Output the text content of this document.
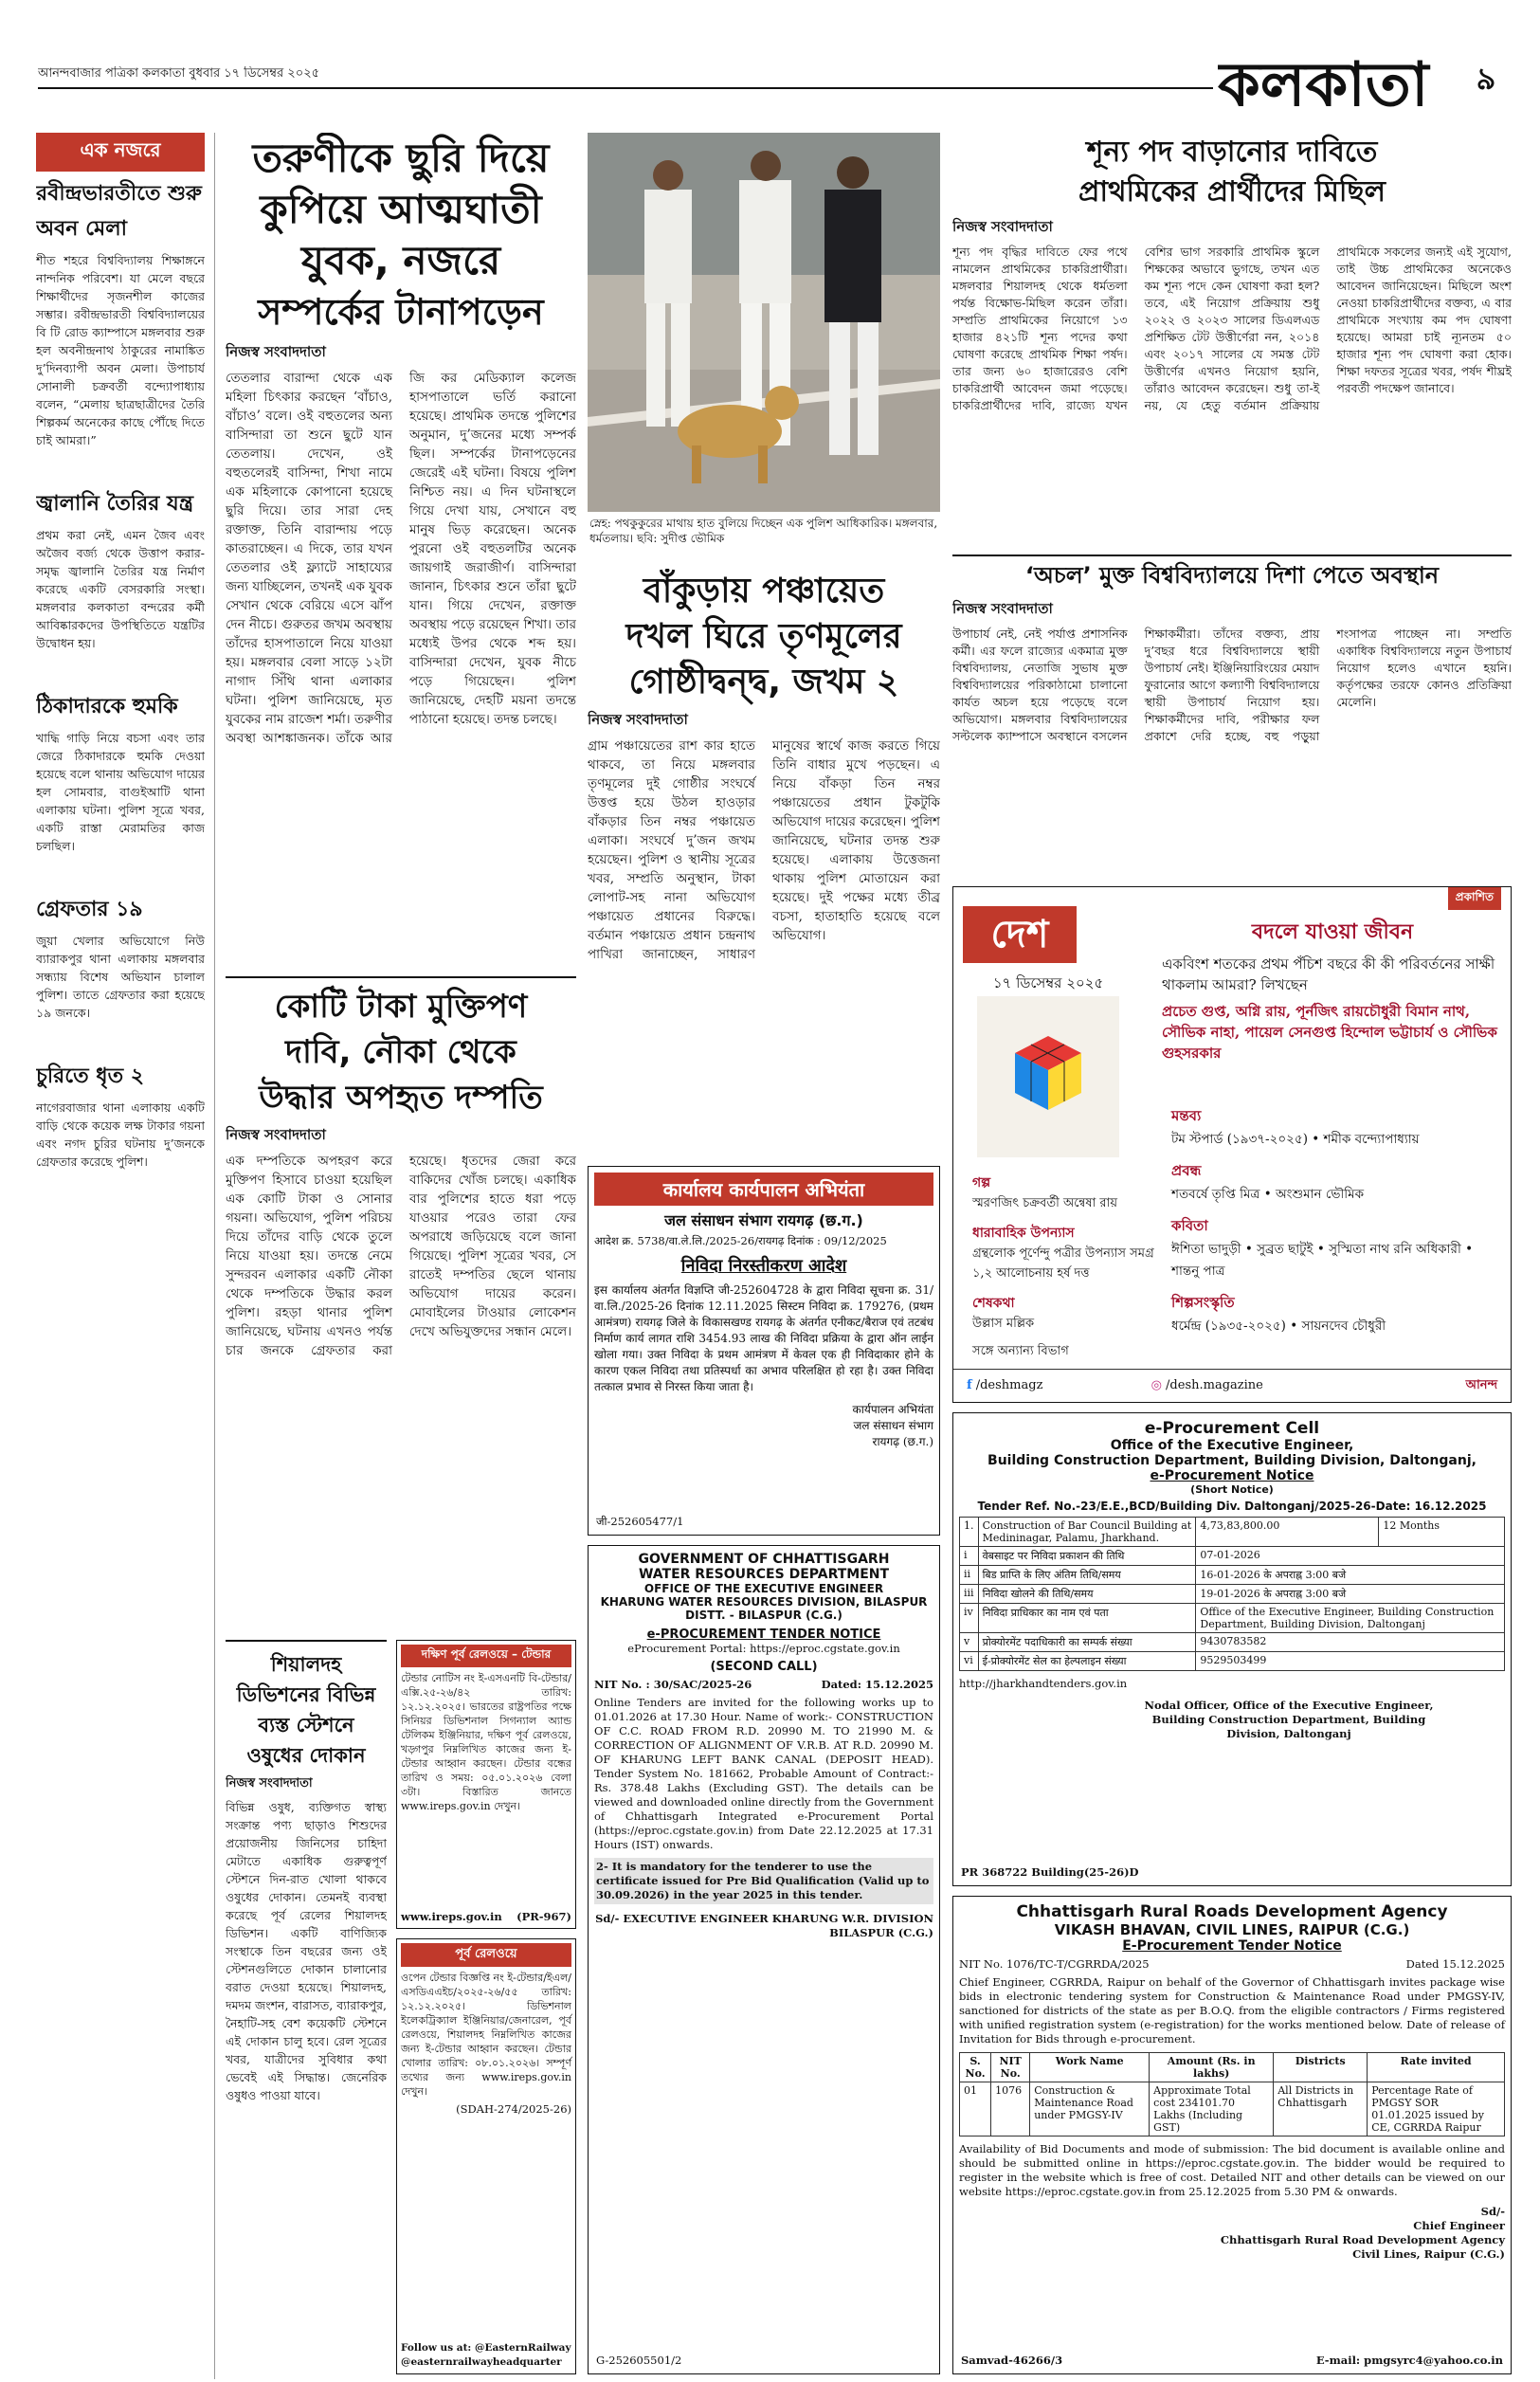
আনন্দবাজার পত্রিকা কলকাতা বুধবার ১৭ ডিসেম্বর ২০২৫	কলকাতা	৯
এক নজরে
রবীন্দ্রভারতীতে শুরু অবন মেলা
শীত শহরে বিশ্ববিদ্যালয় শিক্ষাঙ্গনে নান্দনিক পরিবেশ। যা মেলে বছরে শিক্ষার্থীদের সৃজনশীল কাজের সম্ভার। রবীন্দ্রভারতী বিশ্ববিদ্যালয়ের বি টি রোড ক্যাম্পাসে মঙ্গলবার শুরু হল অবনীন্দ্রনাথ ঠাকুরের নামাঙ্কিত দু’দিনব্যাপী অবন মেলা। উপাচার্য সোনালী চক্রবর্তী বন্দ্যোপাধ্যায় বলেন, “মেলায় ছাত্রছাত্রীদের তৈরি শিল্পকর্ম অনেকের কাছে পৌঁছে দিতে চাই আমরা।”
জ্বালানি তৈরির যন্ত্র
প্রথম করা নেই, এমন জৈব এবং অজৈব বর্জ্য থেকে উত্তাপ করার-সমৃদ্ধ জ্বালানি তৈরির যন্ত্র নির্মাণ করেছে একটি বেসরকারি সংস্থা। মঙ্গলবার কলকাতা বন্দরের কর্মী আবিষ্কারকদের উপস্থিতিতে যন্ত্রটির উদ্বোধন হয়।
ঠিকাদারকে হুমকি
খাদ্ধি গাড়ি নিয়ে বচসা এবং তার জেরে ঠিকাদারকে হুমকি দেওয়া হয়েছে বলে থানায় অভিযোগ দায়ের হল সোমবার, বাগুইআটি থানা এলাকায় ঘটনা। পুলিশ সূত্রে খবর, একটি রাস্তা মেরামতির কাজ চলছিল।
গ্রেফতার ১৯
জুয়া খেলার অভিযোগে নিউ ব্যারাকপুর থানা এলাকায় মঙ্গলবার সন্ধ্যায় বিশেষ অভিযান চালাল পুলিশ। তাতে গ্রেফতার করা হয়েছে ১৯ জনকে।
চুরিতে ধৃত ২
নাগেরবাজার থানা এলাকায় একটি বাড়ি থেকে কয়েক লক্ষ টাকার গয়না এবং নগদ চুরির ঘটনায় দু’জনকে গ্রেফতার করেছে পুলিশ।
তরুণীকে ছুরি দিয়ে
কুপিয়ে আত্মঘাতী
যুবক, নজরে
সম্পর্কের টানাপড়েন
নিজস্ব সংবাদদাতা
তেতলার বারান্দা থেকে এক মহিলা চিৎকার করছেন ‘বাঁচাও, বাঁচাও’ বলে। ওই বহুতলের অন্য বাসিন্দারা তা শুনে ছুটে যান তেতলায়। দেখেন, ওই বহুতলেরই বাসিন্দা, শিখা নামে এক মহিলাকে কোপানো হয়েছে ছুরি দিয়ে। তার সারা দেহ রক্তাক্ত, তিনি বারান্দায় পড়ে কাতরাচ্ছেন। এ দিকে, তার যখন তেতলার ওই ফ্ল্যাটে সাহায্যের জন্য যাচ্ছিলেন, তখনই এক যুবক সেখান থেকে বেরিয়ে এসে ঝাঁপ দেন নীচে। গুরুতর জখম অবস্থায় তাঁদের হাসপাতালে নিয়ে যাওয়া হয়। মঙ্গলবার বেলা সাড়ে ১২টা নাগাদ সিঁথি থানা এলাকার ঘটনা। পুলিশ জানিয়েছে, মৃত যুবকের নাম রাজেশ শর্মা। তরুণীর অবস্থা আশঙ্কাজনক। তাঁকে আর জি কর মেডিক্যাল কলেজ হাসপাতালে ভর্তি করানো হয়েছে। প্রাথমিক তদন্তে পুলিশের অনুমান, দু’জনের মধ্যে সম্পর্ক ছিল। সম্পর্কের টানাপড়েনের জেরেই এই ঘটনা। বিষয়ে পুলিশ নিশ্চিত নয়। এ দিন ঘটনাস্থলে গিয়ে দেখা যায়, সেখানে বহু মানুষ ভিড় করেছেন। অনেক পুরনো ওই বহুতলটির অনেক জায়গাই জরাজীর্ণ। বাসিন্দারা জানান, চিৎকার শুনে তাঁরা ছুটে যান। গিয়ে দেখেন, রক্তাক্ত অবস্থায় পড়ে রয়েছেন শিখা। তার মধ্যেই উপর থেকে শব্দ হয়। বাসিন্দারা দেখেন, যুবক নীচে পড়ে গিয়েছেন। পুলিশ জানিয়েছে, দেহটি ময়না তদন্তে পাঠানো হয়েছে। তদন্ত চলছে।
স্নেহ: পথকুকুরের মাথায় হাত বুলিয়ে দিচ্ছেন এক পুলিশ আধিকারিক। মঙ্গলবার, ধর্মতলায়। ছবি: সুদীপ্ত ভৌমিক
বাঁকুড়ায় পঞ্চায়েত
দখল ঘিরে তৃণমূলের
গোষ্ঠীদ্বন্দ্ব, জখম ২
নিজস্ব সংবাদদাতা
গ্রাম পঞ্চায়েতের রাশ কার হাতে থাকবে, তা নিয়ে মঙ্গলবার তৃণমূলের দুই গোষ্ঠীর সংঘর্ষে উত্তপ্ত হয়ে উঠল হাওড়ার বাঁকড়ার তিন নম্বর পঞ্চায়েত এলাকা। সংঘর্ষে দু’জন জখম হয়েছেন। পুলিশ ও স্থানীয় সূত্রের খবর, সম্প্রতি অনুস্থান, টাকা লোপাট-সহ নানা অভিযোগ পঞ্চায়েত প্রধানের বিরুদ্ধে। বর্তমান পঞ্চায়েত প্রধান চন্দ্রনাথ পাখিরা জানাচ্ছেন, সাধারণ মানুষের স্বার্থে কাজ করতে গিয়ে তিনি বাধার মুখে পড়ছেন। এ নিয়ে বাঁকড়া তিন নম্বর পঞ্চায়েতের প্রধান টুকটুকি অভিযোগ দায়ের করেছেন। পুলিশ জানিয়েছে, ঘটনার তদন্ত শুরু হয়েছে। এলাকায় উত্তেজনা থাকায় পুলিশ মোতায়েন করা হয়েছে। দুই পক্ষের মধ্যে তীব্র বচসা, হাতাহাতি হয়েছে বলে অভিযোগ।
শূন্য পদ বাড়ানোর দাবিতে
প্রাথমিকের প্রার্থীদের মিছিল
নিজস্ব সংবাদদাতা
শূন্য পদ বৃদ্ধির দাবিতে ফের পথে নামলেন প্রাথমিকের চাকরিপ্রার্থীরা। মঙ্গলবার শিয়ালদহ থেকে ধর্মতলা পর্যন্ত বিক্ষোভ-মিছিল করেন তাঁরা। সম্প্রতি প্রাথমিকের নিয়োগে ১৩ হাজার ৪২১টি শূন্য পদের কথা ঘোষণা করেছে প্রাথমিক শিক্ষা পর্ষদ। তার জন্য ৬০ হাজারেরও বেশি চাকরিপ্রার্থী আবেদন জমা পড়েছে। চাকরিপ্রার্থীদের দাবি, রাজ্যে যখন বেশির ভাগ সরকারি প্রাথমিক স্কুলে শিক্ষকের অভাবে ভুগছে, তখন এত কম শূন্য পদে কেন ঘোষণা করা হল? তবে, এই নিয়োগ প্রক্রিয়ায় শুধু ২০২২ ও ২০২৩ সালের ডিএলএড প্রশিক্ষিত টেট উত্তীর্ণেরা নন, ২০১৪ এবং ২০১৭ সালের যে সমস্ত টেট উত্তীর্ণের এখনও নিয়োগ হয়নি, তাঁরাও আবেদন করেছেন। শুধু তা-ই নয়, যে হেতু বর্তমান প্রক্রিয়ায় প্রাথমিকে সকলের জন্যই এই সুযোগ, তাই উচ্চ প্রাথমিকের অনেকেও আবেদন জানিয়েছেন। মিছিলে অংশ নেওয়া চাকরিপ্রার্থীদের বক্তব্য, এ বার প্রাথমিকে সংখ্যায় কম পদ ঘোষণা হয়েছে। আমরা চাই ন্যূনতম ৫০ হাজার শূন্য পদ ঘোষণা করা হোক। শিক্ষা দফতর সূত্রের খবর, পর্ষদ শীঘ্রই পরবর্তী পদক্ষেপ জানাবে।
‘অচল’ মুক্ত বিশ্ববিদ্যালয়ে দিশা পেতে অবস্থান
নিজস্ব সংবাদদাতা
উপাচার্য নেই, নেই পর্যাপ্ত প্রশাসনিক কর্মী। এর ফলে রাজ্যের একমাত্র মুক্ত বিশ্ববিদ্যালয়, নেতাজি সুভাষ মুক্ত বিশ্ববিদ্যালয়ের পরিকাঠামো চালানো কার্যত অচল হয়ে পড়েছে বলে অভিযোগ। মঙ্গলবার বিশ্ববিদ্যালয়ের সল্টলেক ক্যাম্পাসে অবস্থানে বসলেন শিক্ষাকর্মীরা। তাঁদের বক্তব্য, প্রায় দু’বছর ধরে বিশ্ববিদ্যালয়ে স্থায়ী উপাচার্য নেই। ইঞ্জিনিয়ারিংয়ের মেয়াদ ফুরানোর আগে কল্যাণী বিশ্ববিদ্যালয়ে স্থায়ী উপাচার্য নিয়োগ হয়। শিক্ষাকর্মীদের দাবি, পরীক্ষার ফল প্রকাশে দেরি হচ্ছে, বহু পড়ুয়া শংসাপত্র পাচ্ছেন না। সম্প্রতি একাধিক বিশ্ববিদ্যালয়ে নতুন উপাচার্য নিয়োগ হলেও এখানে হয়নি। কর্তৃপক্ষের তরফে কোনও প্রতিক্রিয়া মেলেনি।
প্রকাশিত
দেশ
১৭ ডিসেম্বর ২০২৫
বদলে যাওয়া জীবন
একবিংশ শতকের প্রথম পঁচিশ বছরে কী কী পরিবর্তনের সাক্ষী থাকলাম আমরা? লিখছেন
প্রচেত গুপ্ত, অগ্নি রায়, পূর্নজিৎ রায়চৌধুরী বিমান নাথ, সৌভিক নাহা, পায়েল সেনগুপ্ত হিন্দোল ভট্টাচার্য ও সৌভিক গুহসরকার
গল্প
স্মরণজিৎ চক্রবর্তী অন্বেষা রায়
ধারাবাহিক উপন্যাস
গ্রন্থলোক পূর্ণেন্দু পত্রীর উপন্যাস সমগ্র ১,২ আলোচনায় হর্ষ দত্ত
শেষকথা
উল্লাস মল্লিক
সঙ্গে অন্যান্য বিভাগ
মন্তব্য
টম স্টপার্ড (১৯৩৭-২০২৫) • শমীক বন্দ্যোপাধ্যায়
প্রবন্ধ
শতবর্ষে তৃপ্তি মিত্র • অংশুমান ভৌমিক
কবিতা
ঈশিতা ভাদুড়ী • সুব্রত ছাটুই • সুস্মিতা নাথ রনি অধিকারী • শান্তনু পাত্র
শিল্পসংস্কৃতি
ধর্মেন্দ্র (১৯৩৫-২০২৫) • সায়নদেব চৌধুরী
f /deshmagz	◎ /desh.magazine	আনন্দ
কোটি টাকা মুক্তিপণ
দাবি, নৌকা থেকে
উদ্ধার অপহৃত দম্পতি
নিজস্ব সংবাদদাতা
এক দম্পতিকে অপহরণ করে মুক্তিপণ হিসাবে চাওয়া হয়েছিল এক কোটি টাকা ও সোনার গয়না। অভিযোগ, পুলিশ পরিচয় দিয়ে তাঁদের বাড়ি থেকে তুলে নিয়ে যাওয়া হয়। তদন্তে নেমে সুন্দরবন এলাকার একটি নৌকা থেকে দম্পতিকে উদ্ধার করল পুলিশ। রহড়া থানার পুলিশ জানিয়েছে, ঘটনায় এখনও পর্যন্ত চার জনকে গ্রেফতার করা হয়েছে। ধৃতদের জেরা করে বাকিদের খোঁজ চলছে। একাধিক বার পুলিশের হাতে ধরা পড়ে যাওয়ার পরেও তারা ফের অপরাধে জড়িয়েছে বলে জানা গিয়েছে। পুলিশ সূত্রের খবর, সে রাতেই দম্পতির ছেলে থানায় অভিযোগ দায়ের করেন। মোবাইলের টাওয়ার লোকেশন দেখে অভিযুক্তদের সন্ধান মেলে।
कार्यालय कार्यपालन अभियंता
जल संसाधन संभाग रायगढ़ (छ.ग.)
आदेश क्र. 5738/वा.ले.लि./2025-26/रायगढ़ दिनांक : 09/12/2025
निविदा निरस्तीकरण आदेश
इस कार्यालय अंतर्गत विज्ञप्ति जी-252604728 के द्वारा निविदा सूचना क्र. 31/वा.लि./2025-26 दिनांक 12.11.2025 सिस्टम निविदा क्र. 179276, (प्रथम आमंत्रण) रायगढ़ जिले के विकासखण्ड रायगढ़ के अंतर्गत एनीकट/बैराज एवं तटबंध निर्माण कार्य लागत राशि 3454.93 लाख की निविदा प्रक्रिया के द्वारा ऑन लाईन खोला गया। उक्त निविदा के प्रथम आमंत्रण में केवल एक ही निविदाकार होने के कारण एकल निविदा तथा प्रतिस्पर्धा का अभाव परिलक्षित हो रहा है। उक्त निविदा तत्काल प्रभाव से निरस्त किया जाता है।
कार्यपालन अभियंता
जल संसाधन संभाग
रायगढ़ (छ.ग.)
जी-252605477/1
GOVERNMENT OF CHHATTISGARH
WATER RESOURCES DEPARTMENT
OFFICE OF THE EXECUTIVE ENGINEER
KHARUNG WATER RESOURCES DIVISION, BILASPUR
DISTT. - BILASPUR (C.G.)
e-PROCUREMENT TENDER NOTICE
eProcurement Portal: https://eproc.cgstate.gov.in
(SECOND CALL)
NIT No. : 30/SAC/2025-26	Dated: 15.12.2025
Online Tenders are invited for the following works up to 01.01.2026 at 17.30 Hour. Name of work:- CONSTRUCTION OF C.C. ROAD FROM R.D. 20990 M. TO 21990 M. & CORRECTION OF ALIGNMENT OF V.R.B. AT R.D. 20990 M. OF KHARUNG LEFT BANK CANAL (DEPOSIT HEAD). Tender System No. 181662, Probable Amount of Contract:- Rs. 378.48 Lakhs (Excluding GST). The details can be viewed and downloaded online directly from the Government of Chhattisgarh Integrated e-Procurement Portal (https://eproc.cgstate.gov.in) from Date 22.12.2025 at 17.31 Hours (IST) onwards.
2- It is mandatory for the tenderer to use the certificate issued for Pre Bid Qualification (Valid up to 30.09.2026) in the year 2025 in this tender.
Sd/- EXECUTIVE ENGINEER KHARUNG W.R. DIVISION BILASPUR (C.G.)
G-252605501/2
শিয়ালদহ
ডিভিশনের বিভিন্ন
ব্যস্ত স্টেশনে
ওষুধের দোকান
নিজস্ব সংবাদদাতা
বিভিন্ন ওষুধ, ব্যক্তিগত স্বাস্থ্য সংক্রান্ত পণ্য ছাড়াও শিশুদের প্রয়োজনীয় জিনিসের চাহিদা মেটাতে একাধিক গুরুত্বপূর্ণ স্টেশনে দিন-রাত খোলা থাকবে ওষুধের দোকান। তেমনই ব্যবস্থা করেছে পূর্ব রেলের শিয়ালদহ ডিভিশন। একটি বাণিজ্যিক সংস্থাকে তিন বছরের জন্য ওই স্টেশনগুলিতে দোকান চালানোর বরাত দেওয়া হয়েছে। শিয়ালদহ, দমদম জংশন, বারাসত, ব্যারাকপুর, নৈহাটি-সহ বেশ কয়েকটি স্টেশনে এই দোকান চালু হবে। রেল সূত্রের খবর, যাত্রীদের সুবিধার কথা ভেবেই এই সিদ্ধান্ত। জেনেরিক ওষুধও পাওয়া যাবে।
দক্ষিণ পূর্ব রেলওয়ে – টেন্ডার
টেন্ডার নোটিস নং ই-এসএনটি বি-টেন্ডার/এক্সি.২৫-২৬/৪২ তারিখ: ১২.১২.২০২৫। ভারতের রাষ্ট্রপতির পক্ষে সিনিয়র ডিভিশনাল সিগন্যাল অ্যান্ড টেলিকম ইঞ্জিনিয়ার, দক্ষিণ পূর্ব রেলওয়ে, খড়্গপুর নিম্নলিখিত কাজের জন্য ই-টেন্ডার আহ্বান করছেন। টেন্ডার বন্ধের তারিখ ও সময়: ০৫.০১.২০২৬ বেলা ৩টা। বিস্তারিত জানতে www.ireps.gov.in দেখুন।
www.ireps.gov.in (PR-967)
পূর্ব রেলওয়ে
ওপেন টেন্ডার বিজ্ঞপ্তি নং ই-টেন্ডার/ইএল/এসডিএএইচ/২০২৫-২৬/৫৫ তারিখ: ১২.১২.২০২৫। ডিভিশনাল ইলেকট্রিক্যাল ইঞ্জিনিয়ার/জেনারেল, পূর্ব রেলওয়ে, শিয়ালদহ নিম্নলিখিত কাজের জন্য ই-টেন্ডার আহ্বান করছেন। টেন্ডার খোলার তারিখ: ০৮.০১.২০২৬। সম্পূর্ণ তথ্যের জন্য www.ireps.gov.in দেখুন।
(SDAH-274/2025-26)
Follow us at: @EasternRailway @easternrailwayheadquarter
e-Procurement Cell
Office of the Executive Engineer,
Building Construction Department, Building Division, Daltonganj,
e-Procurement Notice
(Short Notice)
Tender Ref. No.-23/E.E.,BCD/Building Div. Daltonganj/2025-26-Date: 16.12.2025
1.	Construction of Bar Council Building at Medininagar, Palamu, Jharkhand.	4,73,83,800.00	12 Months
i	वेबसाइट पर निविदा प्रकाशन की तिथि	07-01-2026	
ii	बिड प्राप्ति के लिए अंतिम तिथि/समय	16-01-2026 के अपराह्न 3:00 बजे	
iii	निविदा खोलने की तिथि/समय	19-01-2026 के अपराह्न 3:00 बजे	
iv	निविदा प्राधिकार का नाम एवं पता	Office of the Executive Engineer, Building Construction Department, Building Division, Daltonganj	
v	प्रोक्योरमेंट पदाधिकारी का सम्पर्क संख्या	9430783582	
vi	ई-प्रोक्योरमेंट सेल का हेल्पलाइन संख्या	9529503499	
http://jharkhandtenders.gov.in
Nodal Officer, Office of the Executive Engineer, Building Construction Department, Building Division, Daltonganj
PR 368722 Building(25-26)D
Chhattisgarh Rural Roads Development Agency
VIKASH BHAVAN, CIVIL LINES, RAIPUR (C.G.)
E-Procurement Tender Notice
NIT No. 1076/TC-T/CGRRDA/2025	Dated 15.12.2025
Chief Engineer, CGRRDA, Raipur on behalf of the Governor of Chhattisgarh invites package wise bids in electronic tendering system for Construction & Maintenance Road under PMGSY-IV, sanctioned for districts of the state as per B.O.Q. from the eligible contractors / Firms registered with unified registration system (e-registration) for the works mentioned below. Date of release of Invitation for Bids through e-procurement.
S. No.	NIT No.	Work Name	Amount (Rs. in lakhs)	Districts	Rate invited
01	1076	Construction & Maintenance Road under PMGSY-IV	Approximate Total cost 234101.70 Lakhs (Including GST)	All Districts in Chhattisgarh	Percentage Rate of PMGSY SOR 01.01.2025 issued by CE, CGRRDA Raipur
Availability of Bid Documents and mode of submission: The bid document is available online and should be submitted online in https://eproc.cgstate.gov.in. The bidder would be required to register in the website which is free of cost. Detailed NIT and other details can be viewed on our website https://eproc.cgstate.gov.in from 25.12.2025 from 5.30 PM & onwards.
Sd/-
Chief Engineer
Chhattisgarh Rural Road Development Agency
Civil Lines, Raipur (C.G.)
Samvad-46266/3	E-mail: pmgsyrc4@yahoo.co.in
